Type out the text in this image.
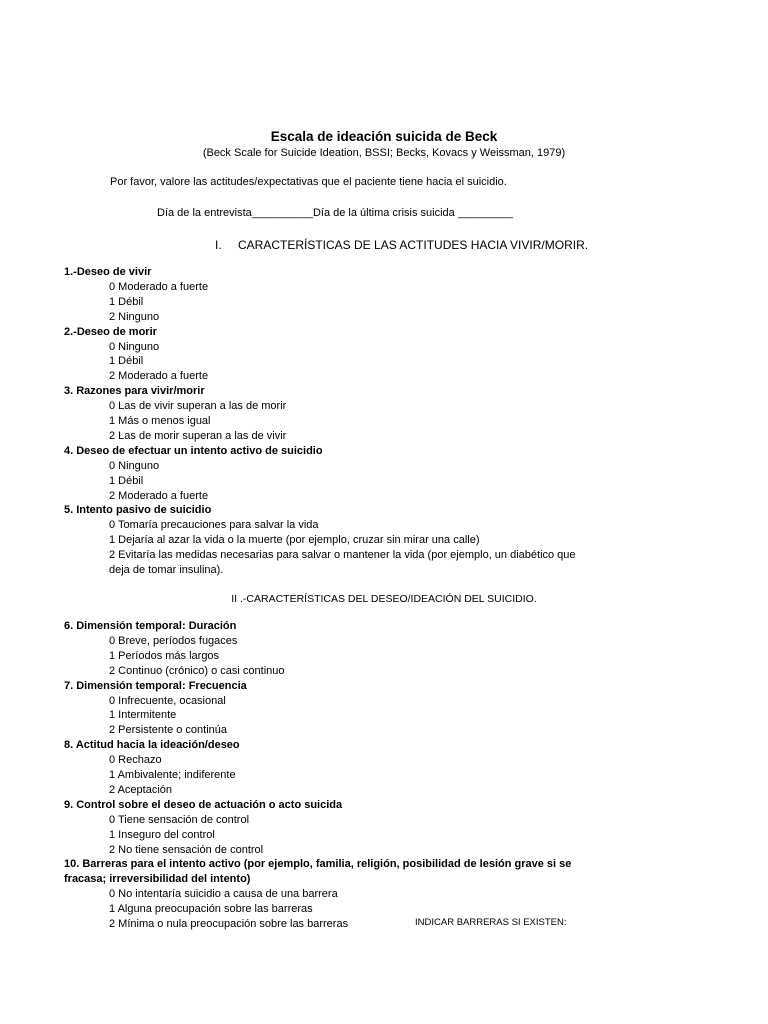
Escala de ideación suicida de Beck
(Beck Scale for Suicide Ideation, BSSI; Becks, Kovacs y Weissman, 1979)
Por favor, valore las actitudes/expectativas que el paciente tiene hacia el suicidio.
Día de la entrevista__________Día de la última crisis suicida _________
I. CARACTERÍSTICAS DE LAS ACTITUDES HACIA VIVIR/MORIR.
1.-Deseo de vivir
0 Moderado a fuerte
1 Débil
2 Ninguno
2.-Deseo de morir
0 Ninguno
1 Débil
2 Moderado a fuerte
3. Razones para vivir/morir
0 Las de vivir superan a las de morir
1 Más o menos igual
2 Las de morir superan a las de vivir
4. Deseo de efectuar un intento activo de suicidio
0 Ninguno
1 Débil
2 Moderado a fuerte
5. Intento pasivo de suicidio
0 Tomaría precauciones para salvar la vida
1 Dejaría al azar la vida o la muerte (por ejemplo, cruzar sin mirar una calle)
2 Evitaría las medidas necesarias para salvar o mantener la vida (por ejemplo, un diabético que deja de tomar insulina).
II .-CARACTERÍSTICAS DEL DESEO/IDEACIÓN DEL SUICIDIO.
6. Dimensión temporal: Duración
0 Breve, períodos fugaces
1 Períodos más largos
2 Continuo (crónico) o casi continuo
7. Dimensión temporal: Frecuencia
0 Infrecuente, ocasional
1 Intermitente
2 Persistente o continúa
8. Actitud hacia la ideación/deseo
0 Rechazo
1 Ambivalente; indiferente
2 Aceptación
9. Control sobre el deseo de actuación o acto suicida
0 Tiene sensación de control
1 Inseguro del control
2 No tiene sensación de control
10. Barreras para el intento activo (por ejemplo, familia, religión, posibilidad de lesión grave si se fracasa; irreversibilidad del intento)
0 No intentaría suicidio a causa de una barrera
1 Alguna preocupación sobre las barreras
2 Mínima o nula preocupación sobre las barreras	INDICAR BARRERAS SI EXISTEN:
